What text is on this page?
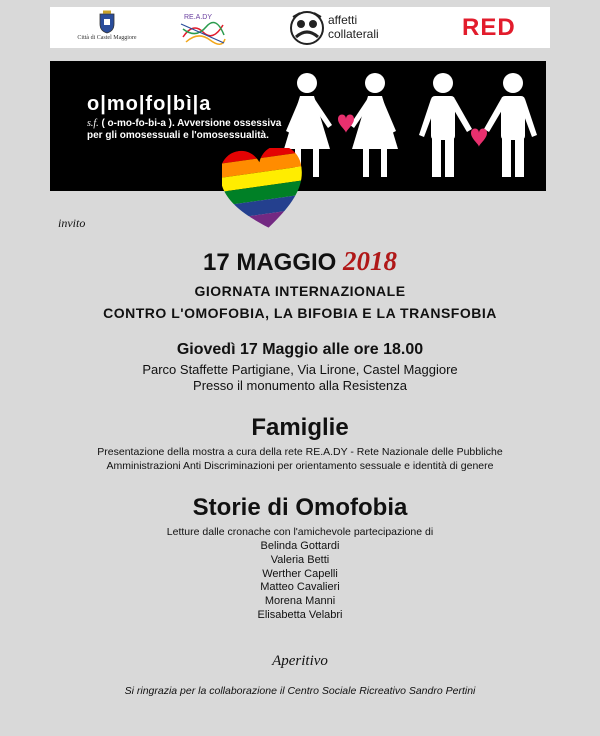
Città di Castel Maggiore
RE.A.DY	affetti
collaterali	RED
o|mo|fo|bì|a
s.f. ( o-mo-fo-bi-a ). Avversione ossessiva per gli omosessuali e l'omosessualità.
invito
17 MAGGIO 2018
GIORNATA INTERNAZIONALE
CONTRO L'OMOFOBIA, LA BIFOBIA E LA TRANSFOBIA
Giovedì 17 Maggio alle ore 18.00
Parco Staffette Partigiane, Via Lirone, Castel Maggiore
Presso il monumento alla Resistenza
Famiglie
Presentazione della mostra a cura della rete RE.A.DY - Rete Nazionale delle Pubbliche
Amministrazioni Anti Discriminazioni per orientamento sessuale e identità di genere
Storie di Omofobia
Letture dalle cronache con l'amichevole partecipazione di
Belinda Gottardi
Valeria Betti
Werther Capelli
Matteo Cavalieri
Morena Manni
Elisabetta Velabri
Aperitivo
Si ringrazia per la collaborazione il Centro Sociale Ricreativo Sandro Pertini
